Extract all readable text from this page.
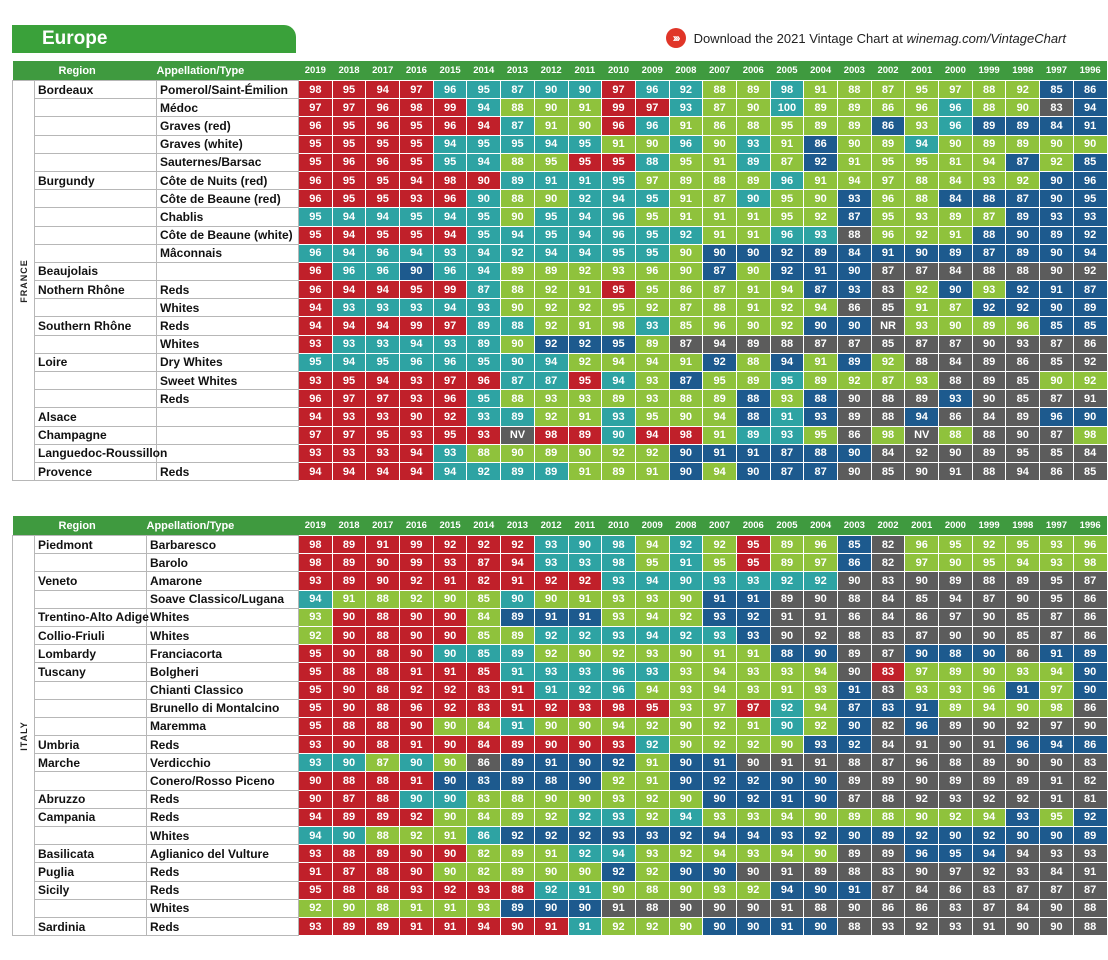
Europe	›››	Download the 2021 Vintage Chart at
winemag.com/VintageChart
	Region	Appellation/Type	2019	2018	2017	2016	2015	2014	2013	2012	2011	2010	2009	2008	2007	2006	2005	2004	2003	2002	2001	2000	1999	1998	1997	1996

FRANCE	Bordeaux	Pomerol/Saint-Émilion	98	95	94	97	96	95	87	90	90	97	96	92	88	89	98	91	88	87	95	97	88	92	85	86
		Médoc	97	97	96	98	99	94	88	90	91	99	97	93	87	90	100	89	89	86	96	96	88	90	83	94
		Graves (red)	96	95	96	95	96	94	87	91	90	96	96	91	86	88	95	89	89	86	93	96	89	89	84	91
		Graves (white)	95	95	95	95	94	95	95	94	95	91	90	96	90	93	91	86	90	89	94	90	89	89	90	90
		Sauternes/Barsac	95	96	96	95	95	94	88	95	95	95	88	95	91	89	87	92	91	95	95	81	94	87	92	85
	Burgundy	Côte de Nuits (red)	96	95	95	94	98	90	89	91	91	95	97	89	88	89	96	91	94	97	88	84	93	92	90	96
		Côte de Beaune (red)	96	95	95	93	96	90	88	90	92	94	95	91	87	90	95	90	93	96	88	84	88	87	90	95
		Chablis	95	94	94	95	94	95	90	95	94	96	95	91	91	91	95	92	87	95	93	89	87	89	93	93
		Côte de Beaune (white)	95	94	95	95	94	95	94	95	94	96	95	92	91	91	96	93	88	96	92	91	88	90	89	92
		Mâconnais	96	94	96	94	93	94	92	94	94	95	95	90	90	90	92	89	84	91	90	89	87	89	90	94
	Beaujolais		96	96	96	90	96	94	89	89	92	93	96	90	87	90	92	91	90	87	87	84	88	88	90	92
	Nothern Rhône	Reds	96	94	94	95	99	87	88	92	91	95	95	86	87	91	94	87	93	83	92	90	93	92	91	87
		Whites	94	93	93	93	94	93	90	92	92	95	92	87	88	91	92	94	86	85	91	87	92	92	90	89
	Southern Rhône	Reds	94	94	94	99	97	89	88	92	91	98	93	85	96	90	92	90	90	NR	93	90	89	96	85	85
		Whites	93	93	93	94	93	89	90	92	92	95	89	87	94	89	88	87	87	85	87	87	90	93	87	86
	Loire	Dry Whites	95	94	95	96	96	95	90	94	92	94	94	91	92	88	94	91	89	92	88	84	89	86	85	92
		Sweet Whites	93	95	94	93	97	96	87	87	95	94	93	87	95	89	95	89	92	87	93	88	89	85	90	92
		Reds	96	97	97	93	96	95	88	93	93	89	93	88	89	88	93	88	90	88	89	93	90	85	87	91
	Alsace		94	93	93	90	92	93	89	92	91	93	95	90	94	88	91	93	89	88	94	86	84	89	96	90
	Champagne		97	97	95	93	95	93	NV	98	89	90	94	98	91	89	93	95	86	98	NV	88	88	90	87	98
	Languedoc-Roussillon		93	93	93	94	93	88	90	89	90	92	92	90	91	91	87	88	90	84	92	90	89	95	85	84
	Provence	Reds	94	94	94	94	94	92	89	89	91	89	91	90	94	90	87	87	90	85	90	91	88	94	86	85
	Region	Appellation/Type	2019	2018	2017	2016	2015	2014	2013	2012	2011	2010	2009	2008	2007	2006	2005	2004	2003	2002	2001	2000	1999	1998	1997	1996

ITALY	Piedmont	Barbaresco	98	89	91	99	92	92	92	93	90	98	94	92	92	95	89	96	85	82	96	95	92	95	93	96
		Barolo	98	89	90	99	93	87	94	93	93	98	95	91	95	95	89	97	86	82	97	90	95	94	93	98
	Veneto	Amarone	93	89	90	92	91	82	91	92	92	93	94	90	93	93	92	92	90	83	90	89	88	89	95	87
		Soave Classico/Lugana	94	91	88	92	90	85	90	90	91	93	93	90	91	91	89	90	88	84	85	94	87	90	95	86
	Trentino-Alto Adige	Whites	93	90	88	90	90	84	89	91	91	93	94	92	93	92	91	91	86	84	86	97	90	85	87	86
	Collio-Friuli	Whites	92	90	88	90	90	85	89	92	92	93	94	92	93	93	90	92	88	83	87	90	90	85	87	86
	Lombardy	Franciacorta	95	90	88	90	90	85	89	92	90	92	93	90	91	91	88	90	89	87	90	88	90	86	91	89
	Tuscany	Bolgheri	95	88	88	91	91	85	91	93	93	96	93	93	94	93	93	94	90	83	97	89	90	93	94	90
		Chianti Classico	95	90	88	92	92	83	91	91	92	96	94	93	94	93	91	93	91	83	93	93	96	91	97	90
		Brunello di Montalcino	95	90	88	96	92	83	91	92	93	98	95	93	97	97	92	94	87	83	91	89	94	90	98	86
		Maremma	95	88	88	90	90	84	91	90	90	94	92	90	92	91	90	92	90	82	96	89	90	92	97	90
	Umbria	Reds	93	90	88	91	90	84	89	90	90	93	92	90	92	92	90	93	92	84	91	90	91	96	94	86
	Marche	Verdicchio	93	90	87	90	90	86	89	91	90	92	91	90	91	90	91	91	88	87	96	88	89	90	90	83
		Conero/Rosso Piceno	90	88	88	91	90	83	89	88	90	92	91	90	92	92	90	90	89	89	90	89	89	89	91	82
	Abruzzo	Reds	90	87	88	90	90	83	88	90	90	93	92	90	90	92	91	90	87	88	92	93	92	92	91	81
	Campania	Reds	94	89	89	92	90	84	89	92	92	93	92	94	93	93	94	90	89	88	90	92	94	93	95	92
		Whites	94	90	88	92	91	86	92	92	92	93	93	92	94	94	93	92	90	89	92	90	92	90	90	89
	Basilicata	Aglianico del Vulture	93	88	89	90	90	82	89	91	92	94	93	92	94	93	94	90	89	89	96	95	94	94	93	93
	Puglia	Reds	91	87	88	90	90	82	89	90	90	92	92	90	90	90	91	89	88	83	90	97	92	93	84	91
	Sicily	Reds	95	88	88	93	92	93	88	92	91	90	88	90	93	92	94	90	91	87	84	86	83	87	87	87
		Whites	92	90	88	91	91	93	89	90	90	91	88	90	90	90	91	88	90	86	86	83	87	84	90	88
	Sardinia	Reds	93	89	89	91	91	94	90	91	91	92	92	90	90	90	91	90	88	93	92	93	91	90	90	88
